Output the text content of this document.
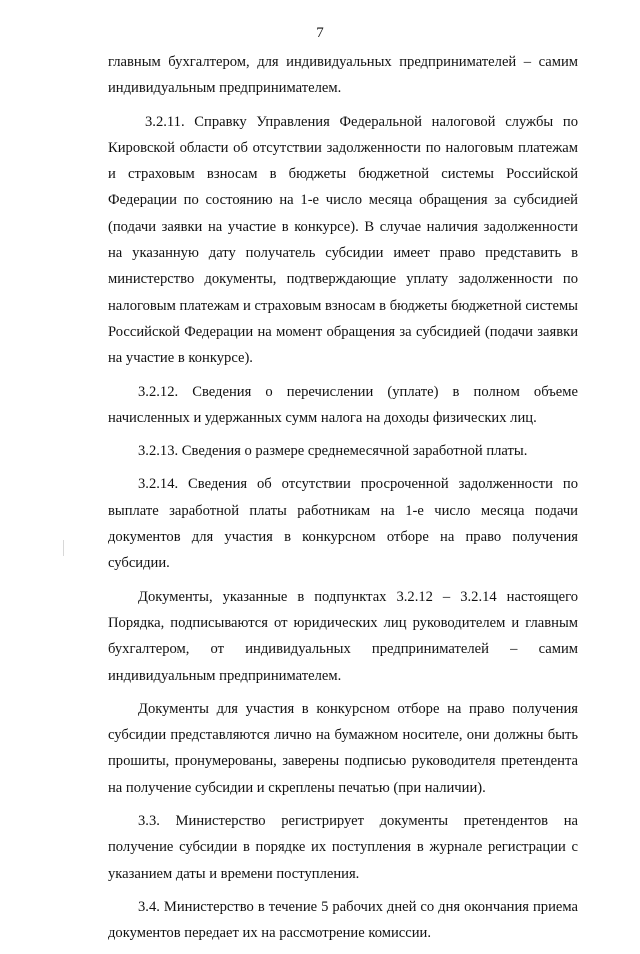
7

главным бухгалтером, для индивидуальных предпринимателей – самим индивидуальным предпринимателем.

3.2.11. Справку Управления Федеральной налоговой службы по Кировской области об отсутствии задолженности по налоговым платежам и страховым взносам в бюджеты бюджетной системы Российской Федерации по состоянию на 1-е число месяца обращения за субсидией (подачи заявки на участие в конкурсе). В случае наличия задолженности на указанную дату получатель субсидии имеет право представить в министерство документы, подтверждающие уплату задолженности по налоговым платежам и страховым взносам в бюджеты бюджетной системы Российской Федерации на момент обращения за субсидией (подачи заявки на участие в конкурсе).

3.2.12. Сведения о перечислении (уплате) в полном объеме начисленных и удержанных сумм налога на доходы физических лиц.

3.2.13. Сведения о размере среднемесячной заработной платы.

3.2.14. Сведения об отсутствии просроченной задолженности по выплате заработной платы работникам на 1-е число месяца подачи документов для участия в конкурсном отборе на право получения субсидии.

Документы, указанные в подпунктах 3.2.12 – 3.2.14 настоящего Порядка, подписываются от юридических лиц руководителем и главным бухгалтером, от индивидуальных предпринимателей – самим индивидуальным предпринимателем.

Документы для участия в конкурсном отборе на право получения субсидии представляются лично на бумажном носителе, они должны быть прошиты, пронумерованы, заверены подписью руководителя претендента на получение субсидии и скреплены печатью (при наличии).

3.3. Министерство регистрирует документы претендентов на получение субсидии в порядке их поступления в журнале регистрации с указанием даты и времени поступления.

3.4. Министерство в течение 5 рабочих дней со дня окончания приема документов передает их на рассмотрение комиссии.
